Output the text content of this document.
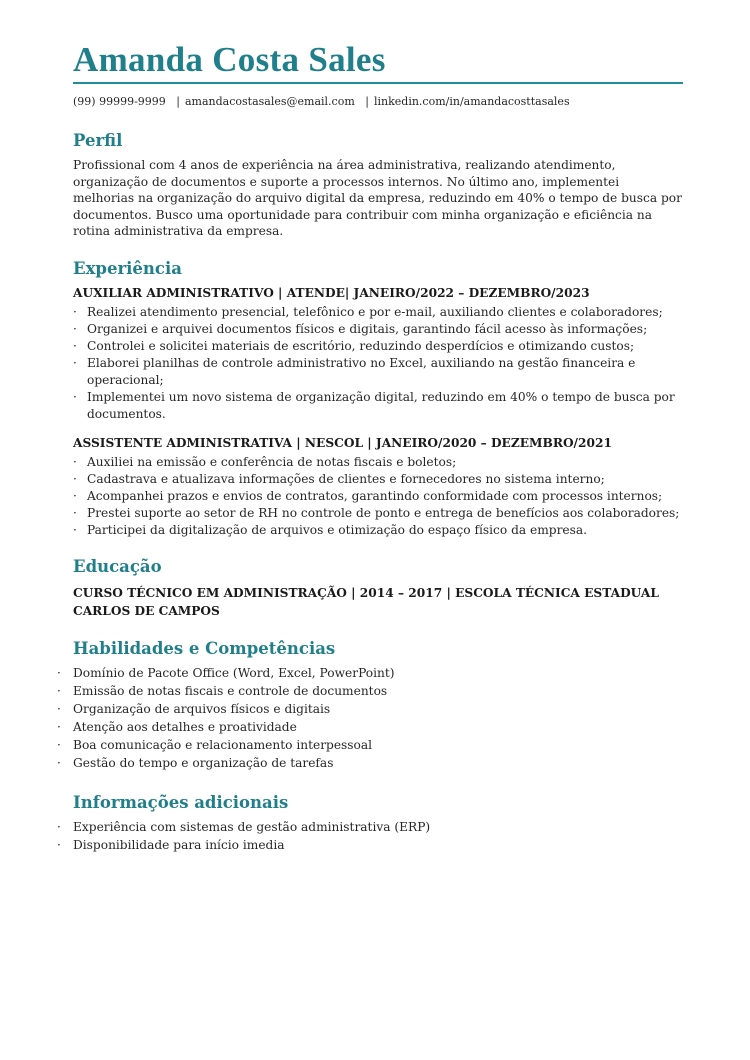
Amanda Costa Sales
(99) 99999-9999 | amandacostasales@email.com | linkedin.com/in/amandacosttasales
Perfil

Profissional com 4 anos de experiência na área administrativa, realizando atendimento, organização de documentos e suporte a processos internos. No último ano, implementei melhorias na organização do arquivo digital da empresa, reduzindo em 40% o tempo de busca por documentos. Busco uma oportunidade para contribuir com minha organização e eficiência na rotina administrativa da empresa.

Experiência
AUXILIAR ADMINISTRATIVO | ATENDE| JANEIRO/2022 – DEZEMBRO/2023
· Realizei atendimento presencial, telefônico e por e-mail, auxiliando clientes e colaboradores;
· Organizei e arquivei documentos físicos e digitais, garantindo fácil acesso às informações;
· Controlei e solicitei materiais de escritório, reduzindo desperdícios e otimizando custos;
· Elaborei planilhas de controle administrativo no Excel, auxiliando na gestão financeira e operacional;
· Implementei um novo sistema de organização digital, reduzindo em 40% o tempo de busca por documentos.
ASSISTENTE ADMINISTRATIVA | NESCOL | JANEIRO/2020 – DEZEMBRO/2021
· Auxiliei na emissão e conferência de notas fiscais e boletos;
· Cadastrava e atualizava informações de clientes e fornecedores no sistema interno;
· Acompanhei prazos e envios de contratos, garantindo conformidade com processos internos;
· Prestei suporte ao setor de RH no controle de ponto e entrega de benefícios aos colaboradores;
· Participei da digitalização de arquivos e otimização do espaço físico da empresa.
Educação
CURSO TÉCNICO EM ADMINISTRAÇÃO | 2014 – 2017 | ESCOLA TÉCNICA ESTADUAL CARLOS DE CAMPOS
Habilidades e Competências
· Domínio de Pacote Office (Word, Excel, PowerPoint)
· Emissão de notas fiscais e controle de documentos
· Organização de arquivos físicos e digitais
· Atenção aos detalhes e proatividade
· Boa comunicação e relacionamento interpessoal
· Gestão do tempo e organização de tarefas
Informações adicionais
· Experiência com sistemas de gestão administrativa (ERP)
· Disponibilidade para início imedia
